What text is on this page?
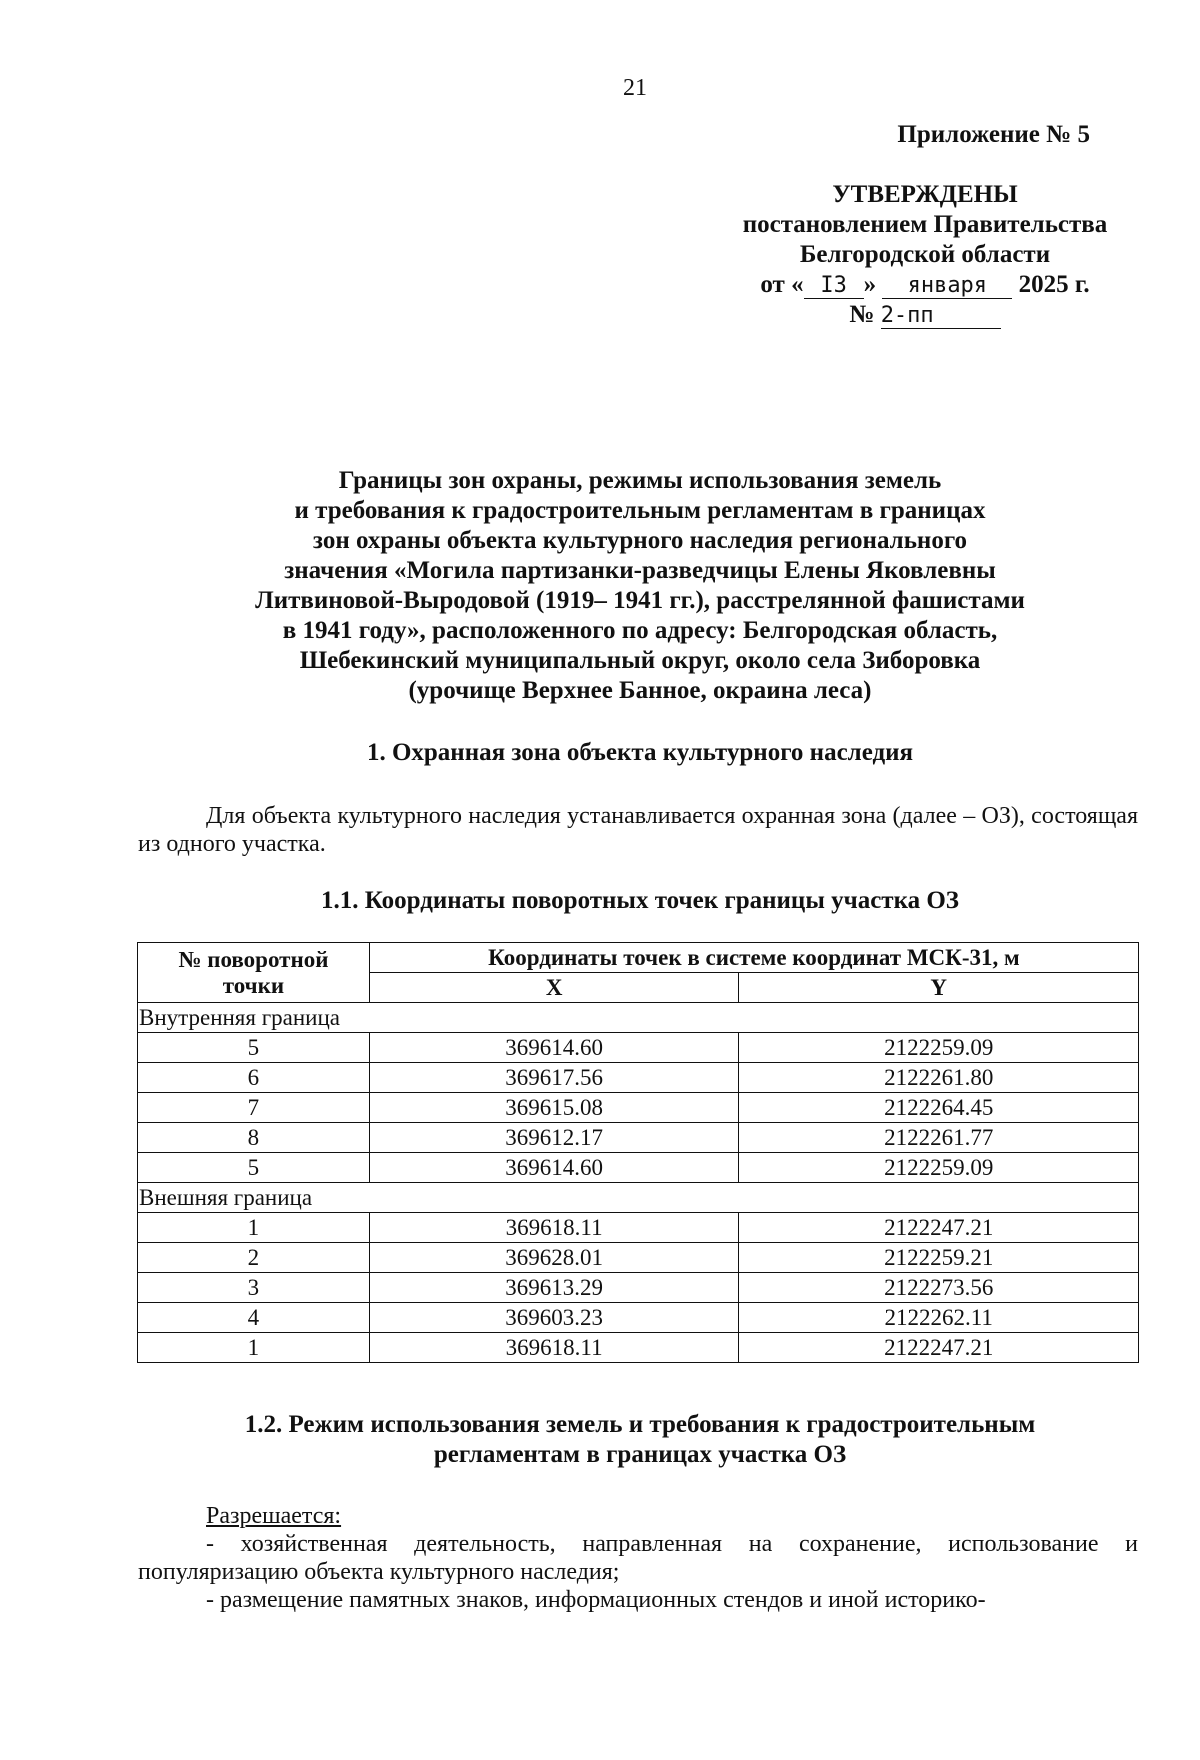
21
Приложение № 5
УТВЕРЖДЕНЫ
постановлением Правительства
Белгородской области
от « I3 » января 2025 г.
№ 2-пп
Границы зон охраны, режимы использования земель
и требования к градостроительным регламентам в границах
зон охраны объекта культурного наследия регионального
значения «Могила партизанки-разведчицы Елены Яковлевны
Литвиновой-Выродовой (1919– 1941 гг.), расстрелянной фашистами
в 1941 году», расположенного по адресу: Белгородская область,
Шебекинский муниципальный округ, около села Зиборовка
(урочище Верхнее Банное, окраина леса)
1. Охранная зона объекта культурного наследия
Для объекта культурного наследия устанавливается охранная зона (далее – ОЗ), состоящая из одного участка.
1.1. Координаты поворотных точек границы участка ОЗ
№ поворотной
точки	Координаты точек в системе координат МСК-31, м	
	X	Y
Внутренняя граница		
5	369614.60	2122259.09
6	369617.56	2122261.80
7	369615.08	2122264.45
8	369612.17	2122261.77
5	369614.60	2122259.09
Внешняя граница		
1	369618.11	2122247.21
2	369628.01	2122259.21
3	369613.29	2122273.56
4	369603.23	2122262.11
1	369618.11	2122247.21
1.2. Режим использования земель и требования к градостроительным
регламентам в границах участка ОЗ
Разрешается:
- хозяйственная деятельность, направленная на сохранение, использование и популяризацию объекта культурного наследия;
- размещение памятных знаков, информационных стендов и иной историко-
